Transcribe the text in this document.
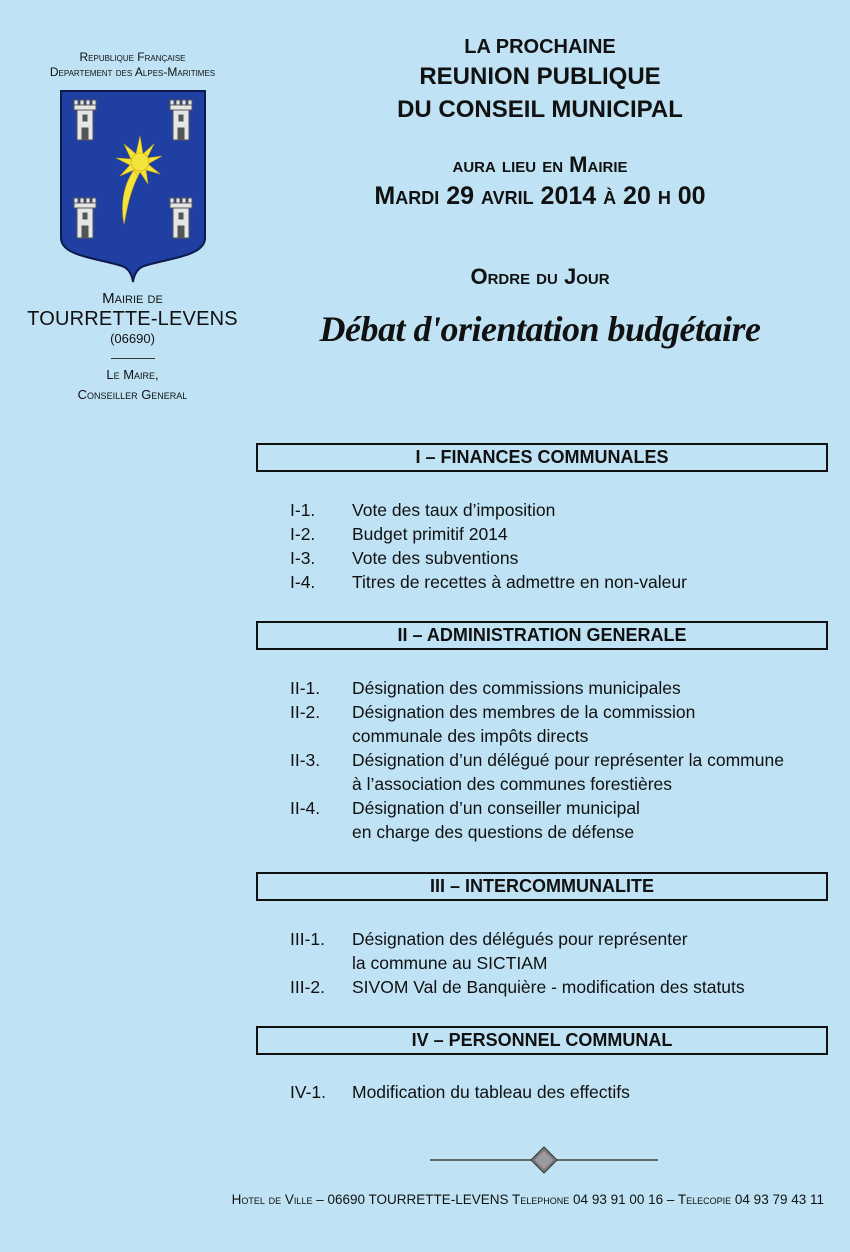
Republique Française
Departement des Alpes-Maritimes
Mairie de
TOURRETTE-LEVENS
(06690)
Le Maire,
Conseiller General
LA PROCHAINE
REUNION PUBLIQUE
DU CONSEIL MUNICIPAL
aura lieu en Mairie
Mardi 29 avril 2014 à 20 h 00
Ordre du Jour
Débat d'orientation budgétaire
I – FINANCES COMMUNALES
I-1.	Vote des taux d’imposition
I-2.	Budget primitif 2014
I-3.	Vote des subventions
I-4.	Titres de recettes à admettre en non-valeur
II – ADMINISTRATION GENERALE
II-1.	Désignation des commissions municipales
II-2.	Désignation des membres de la commission
communale des impôts directs
II-3.	Désignation d’un délégué pour représenter la commune
à l’association des communes forestières
II-4.	Désignation d’un conseiller municipal
en charge des questions de défense
III – INTERCOMMUNALITE
III-1.	Désignation des délégués pour représenter
la commune au SICTIAM
III-2.	SIVOM Val de Banquière - modification des statuts
IV – PERSONNEL COMMUNAL
IV-1.	Modification du tableau des effectifs
Hotel de Ville – 06690 TOURRETTE-LEVENS Telephone 04 93 91 00 16 – Telecopie 04 93 79 43 11
